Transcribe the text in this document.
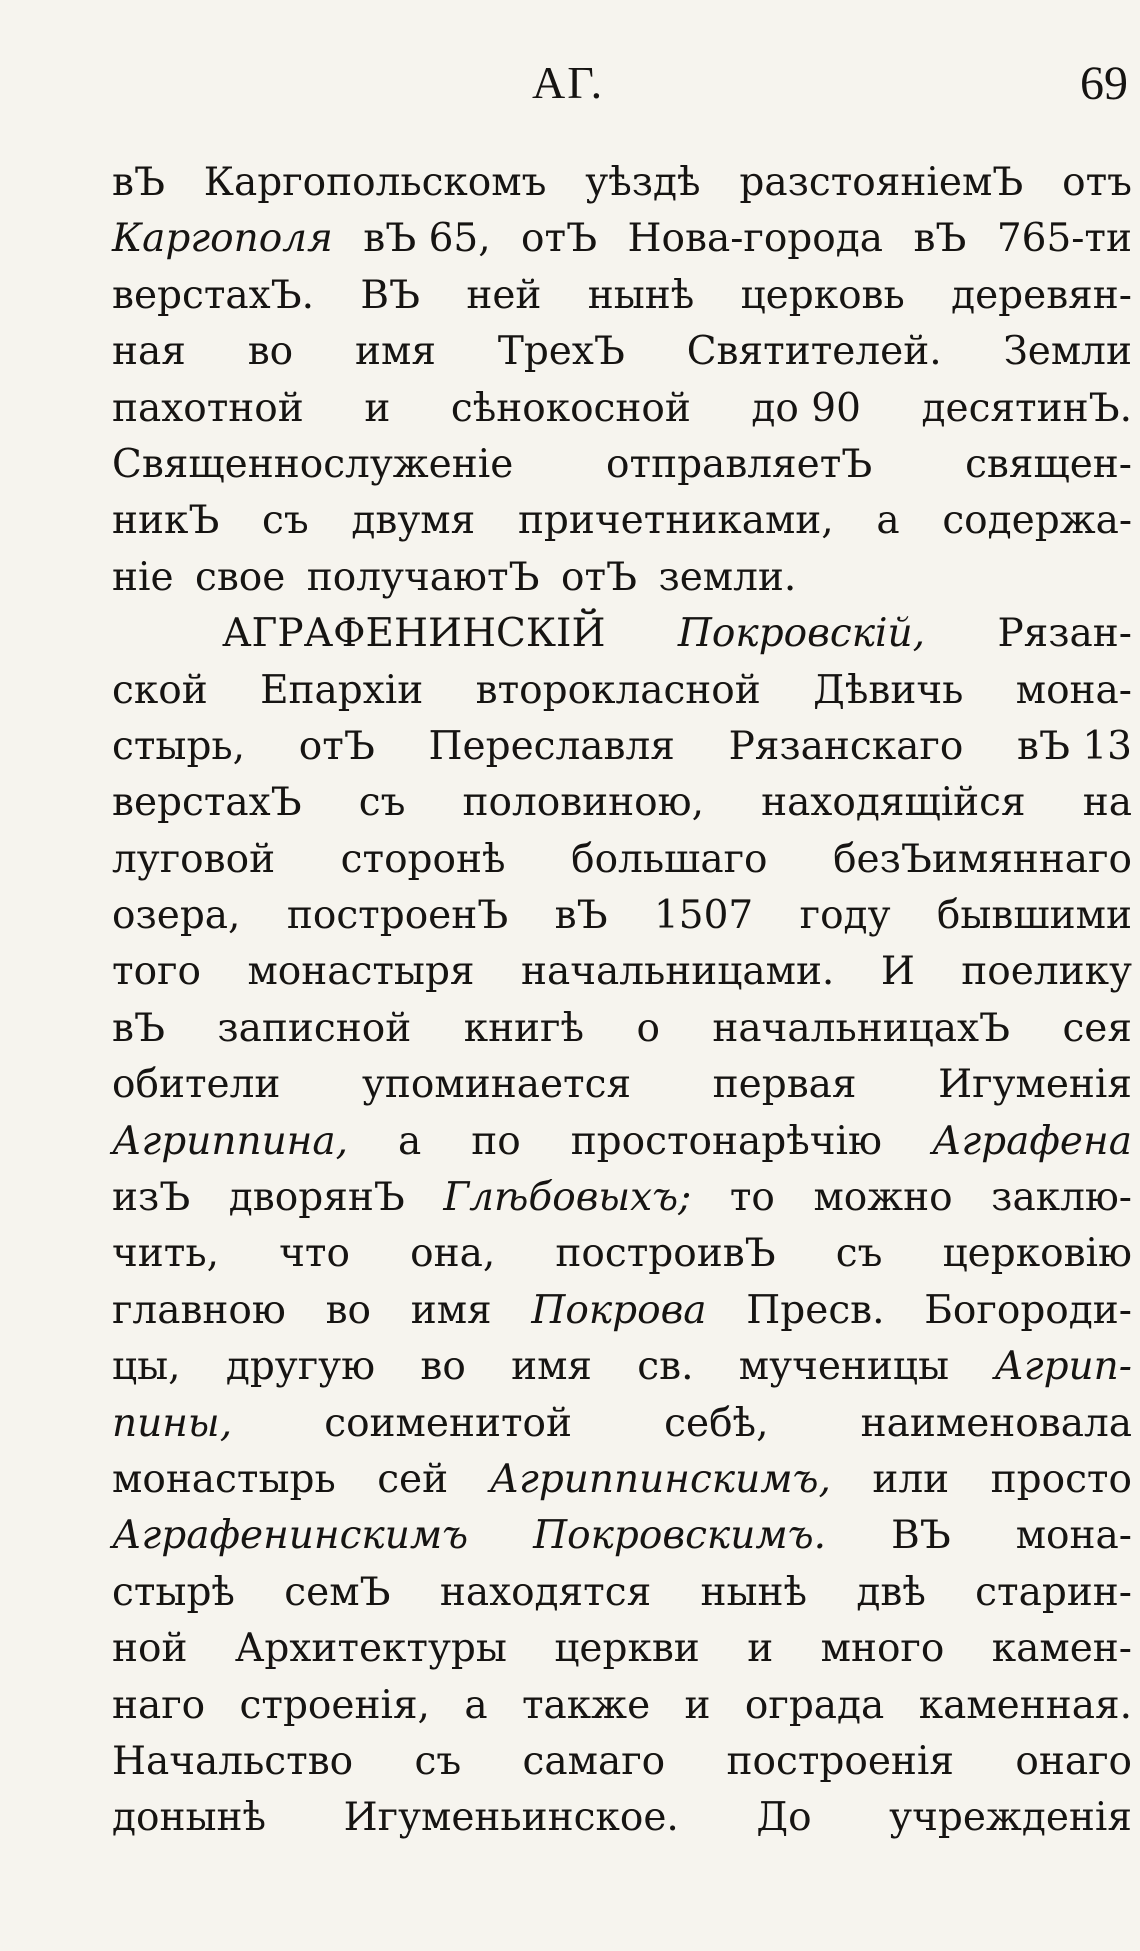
АГ.	69
вЪ Каргопольскомъ уѣздѣ разстояніемЪ отъ
Каргополя вЪ 65, отЪ Нова-города вЪ 765-ти
верстахЪ. ВЪ ней нынѣ церковь деревян-
ная во имя ТрехЪ Святителей. Земли
пахотной и сѣнокосной до 90 десятинЪ.
Священнослуженіе отправляетЪ священ-
никЪ съ двумя причетниками, а содержа-
ніе свое получаютЪ отЪ земли.
АГРАФЕНИНСКІЙ Покровскій, Рязан-
ской Епархіи второкласной Дѣвичь мона-
стырь, отЪ Переславля Рязанскаго вЪ 13
верстахЪ съ половиною, находящійся на
луговой сторонѣ большаго безЪимяннаго
озера, построенЪ вЪ 1507 году бывшими
того монастыря начальницами. И поелику
вЪ записной книгѣ о начальницахЪ сея
обители упоминается первая Игуменія
Агриппина, а по простонарѣчію Аграфена
изЪ дворянЪ Глѣбовыхъ; то можно заклю-
чить, что она, построивЪ съ церковію
главною во имя Покрова Пресв. Богороди-
цы, другую во имя св. мученицы Агрип-
пины, соименитой себѣ, наименовала
монастырь сей Агриппинскимъ, или просто
Аграфенинскимъ Покровскимъ. ВЪ мона-
стырѣ семЪ находятся нынѣ двѣ старин-
ной Архитектуры церкви и много камен-
наго строенія, а также и ограда каменная.
Начальство съ самаго построенія онаго
донынѣ Игуменьинское. До учрежденія
